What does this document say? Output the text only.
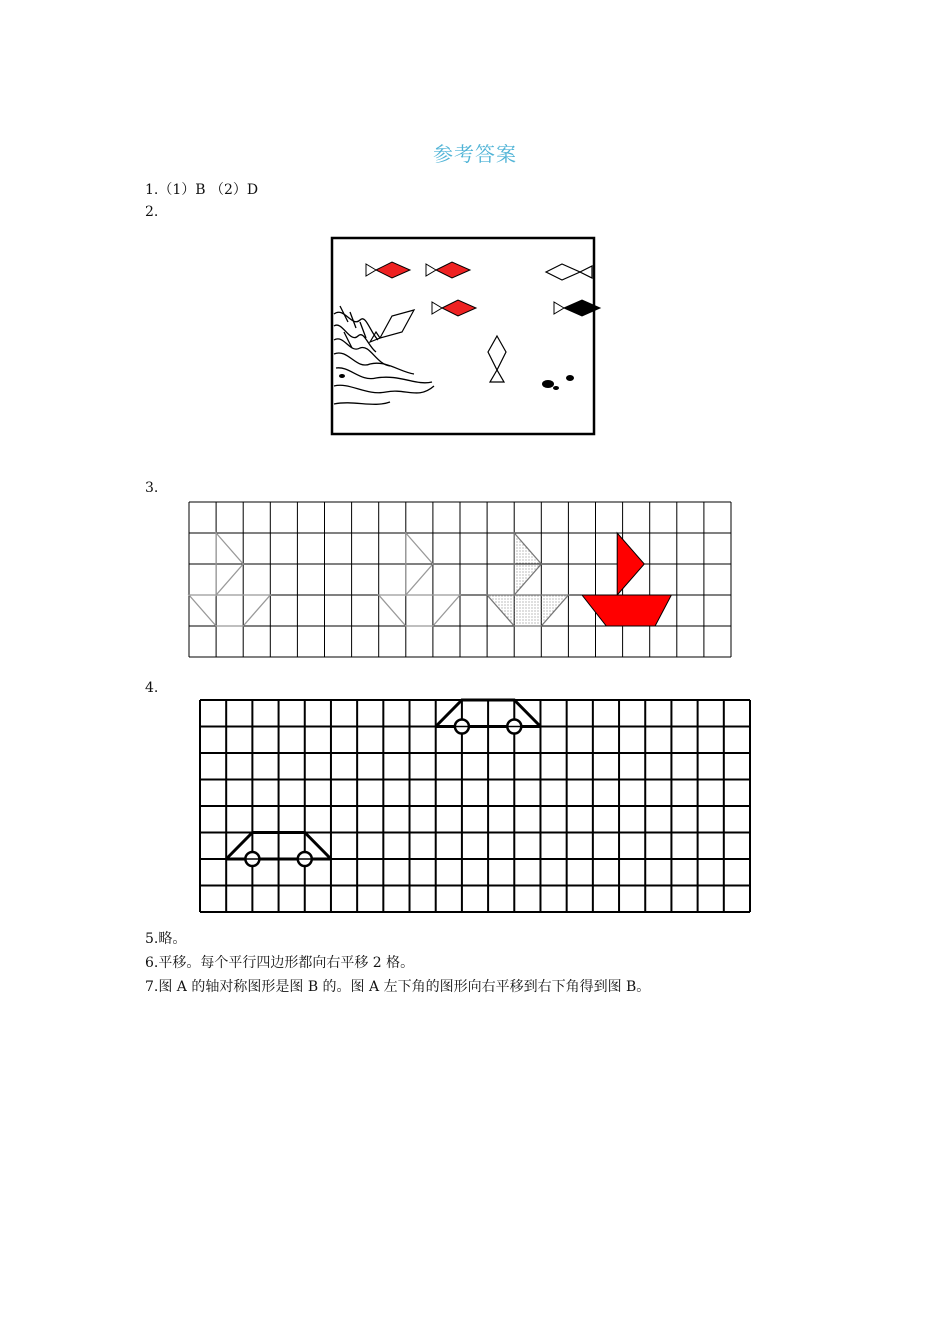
参考答案
1.（1）B （2）D
2.
3.
4.
5.略。
6.平移。每个平行四边形都向右平移 2 格。
7.图 A 的轴对称图形是图 B 的。图 A 左下角的图形向右平移到右下角得到图 B。
